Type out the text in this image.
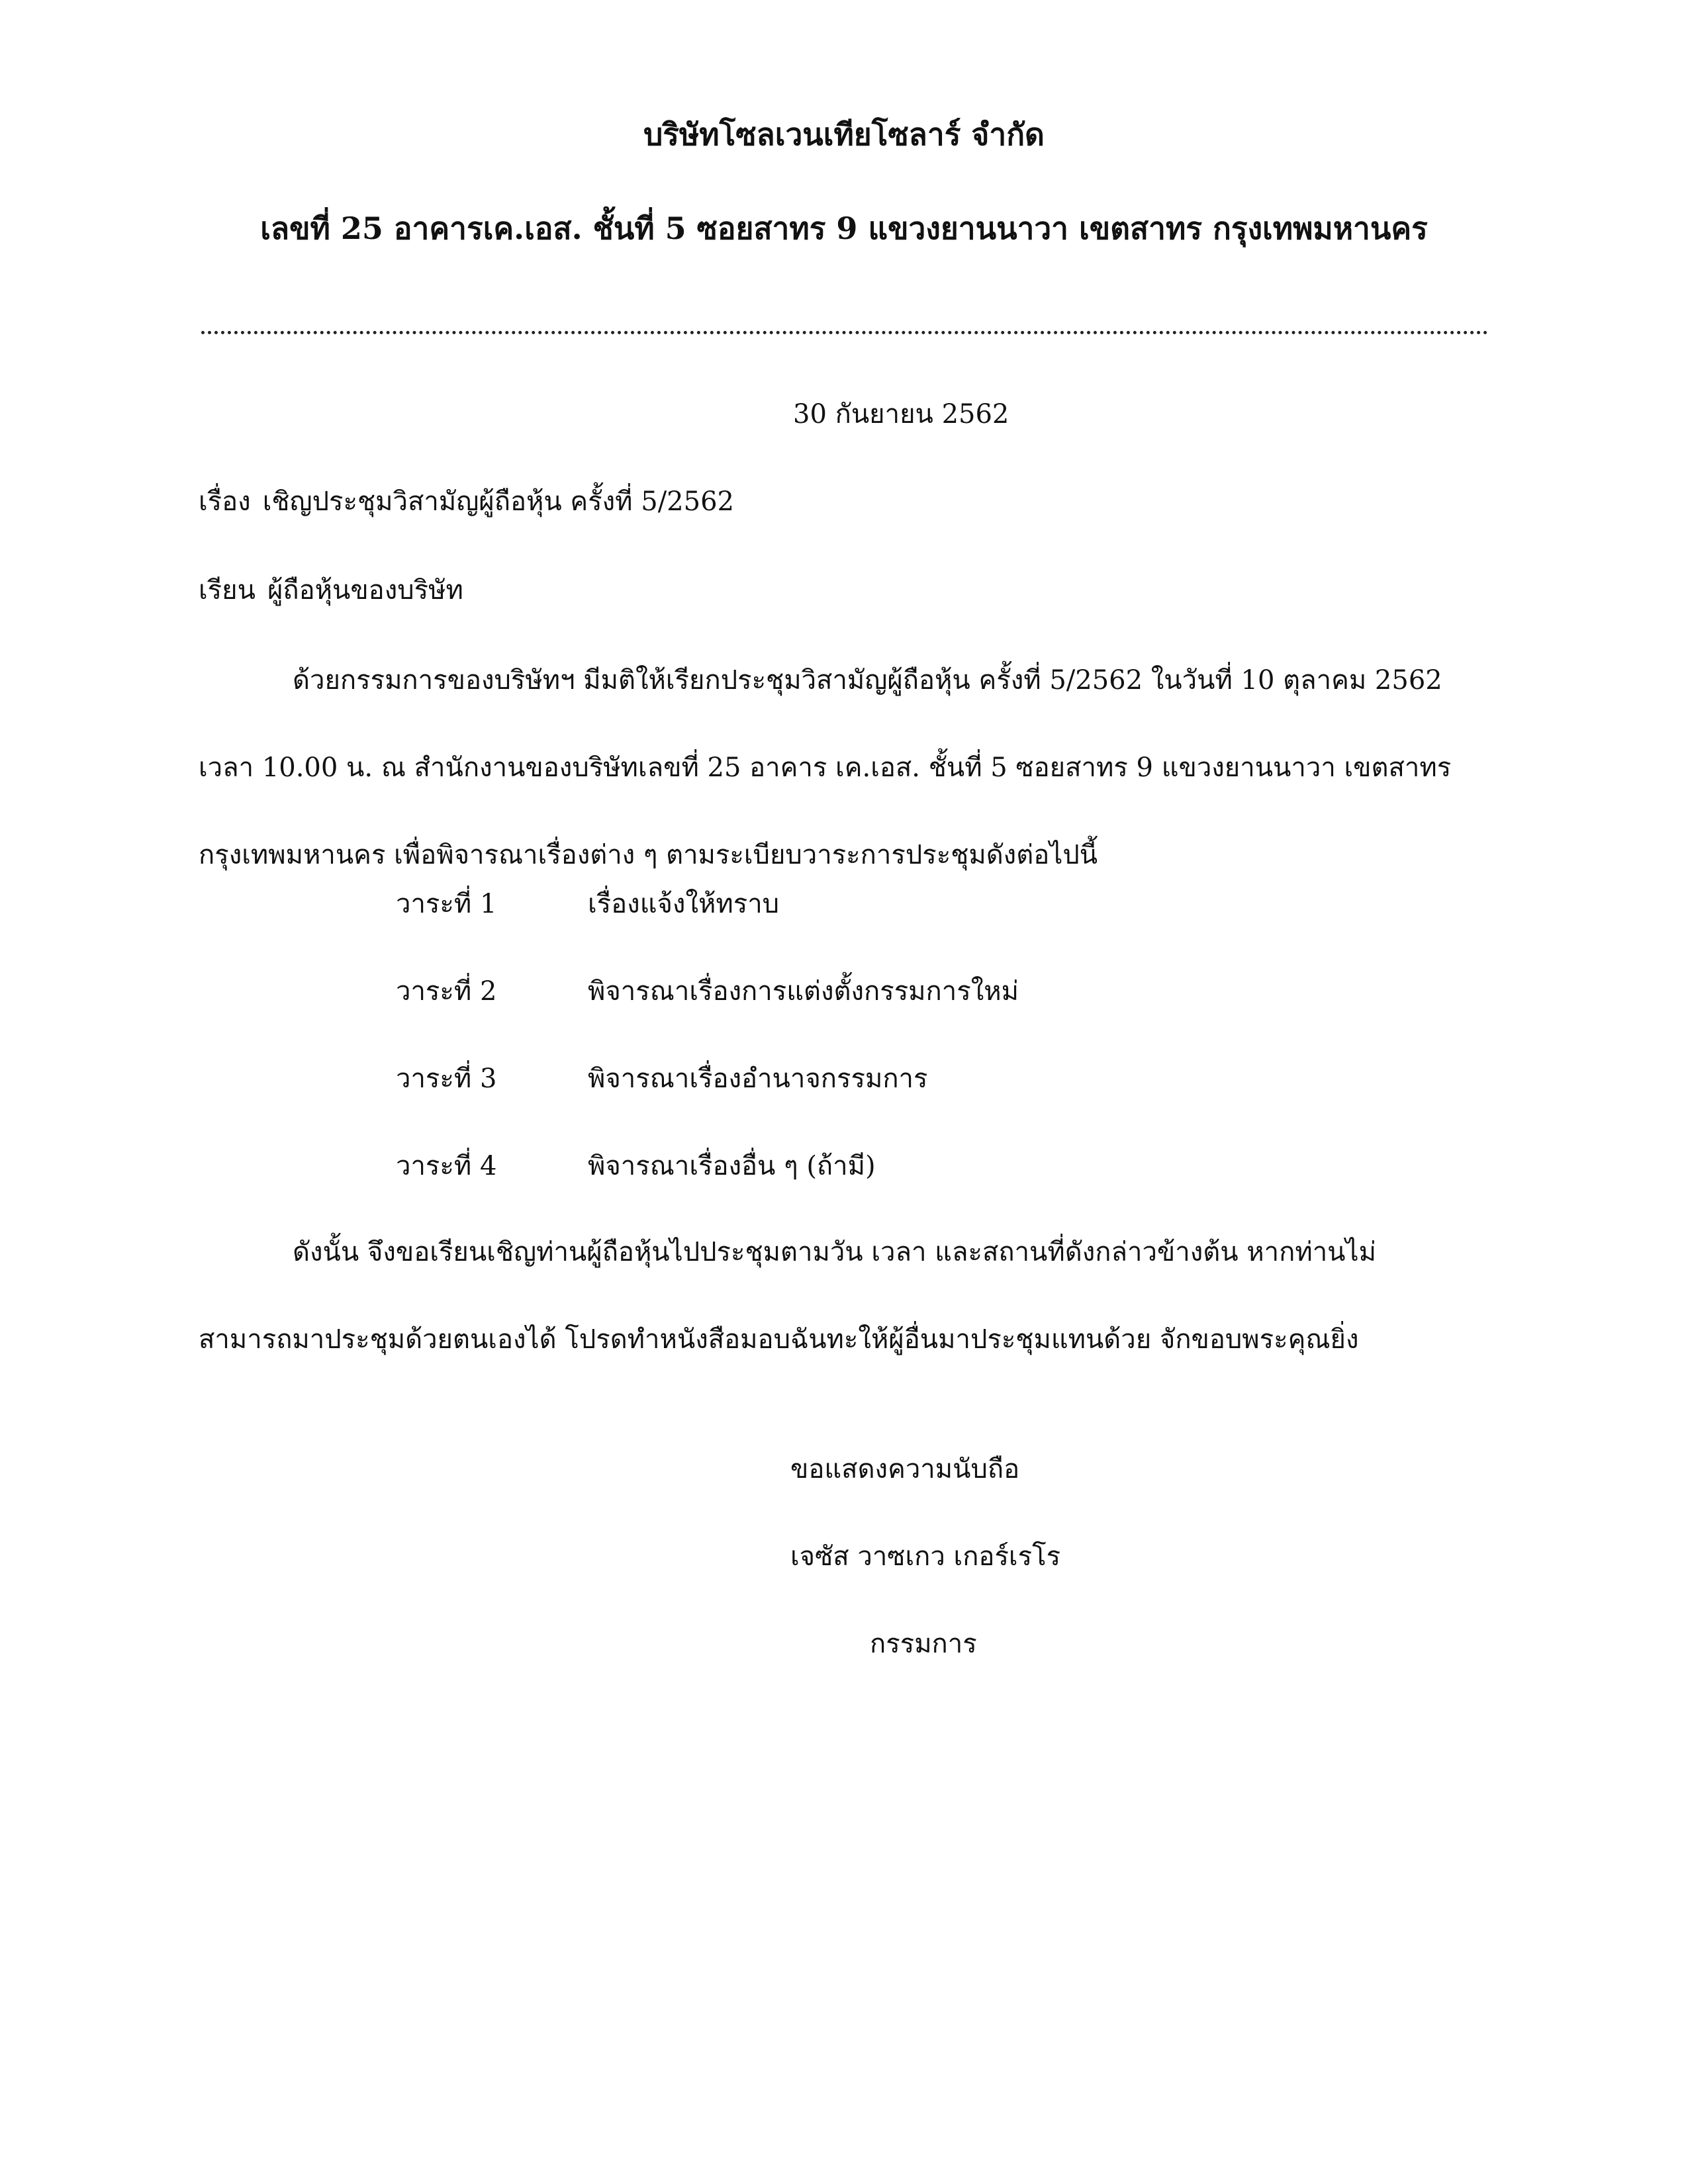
บริษัทโซลเวนเทียโซลาร์ จำกัด
เลขที่ 25 อาคารเค.เอส. ชั้นที่ 5 ซอยสาทร 9 แขวงยานนาวา เขตสาทร กรุงเทพมหานคร
30 กันยายน 2562
เรื่อง เชิญประชุมวิสามัญผู้ถือหุ้น ครั้งที่ 5/2562
เรียน ผู้ถือหุ้นของบริษัท
ด้วยกรรมการของบริษัทฯ มีมติให้เรียกประชุมวิสามัญผู้ถือหุ้น ครั้งที่ 5/2562 ในวันที่ 10 ตุลาคม 2562
เวลา 10.00 น. ณ สำนักงานของบริษัทเลขที่ 25 อาคาร เค.เอส. ชั้นที่ 5 ซอยสาทร 9 แขวงยานนาวา เขตสาทร
กรุงเทพมหานคร เพื่อพิจารณาเรื่องต่าง ๆ ตามระเบียบวาระการประชุมดังต่อไปนี้
วาระที่ 1	เรื่องแจ้งให้ทราบ
วาระที่ 2	พิจารณาเรื่องการแต่งตั้งกรรมการใหม่
วาระที่ 3	พิจารณาเรื่องอำนาจกรรมการ
วาระที่ 4	พิจารณาเรื่องอื่น ๆ (ถ้ามี)
ดังนั้น จึงขอเรียนเชิญท่านผู้ถือหุ้นไปประชุมตามวัน เวลา และสถานที่ดังกล่าวข้างต้น หากท่านไม่
สามารถมาประชุมด้วยตนเองได้ โปรดทำหนังสือมอบฉันทะให้ผู้อื่นมาประชุมแทนด้วย จักขอบพระคุณยิ่ง
ขอแสดงความนับถือ
เจซัส วาซเกว เกอร์เรโร
กรรมการ
